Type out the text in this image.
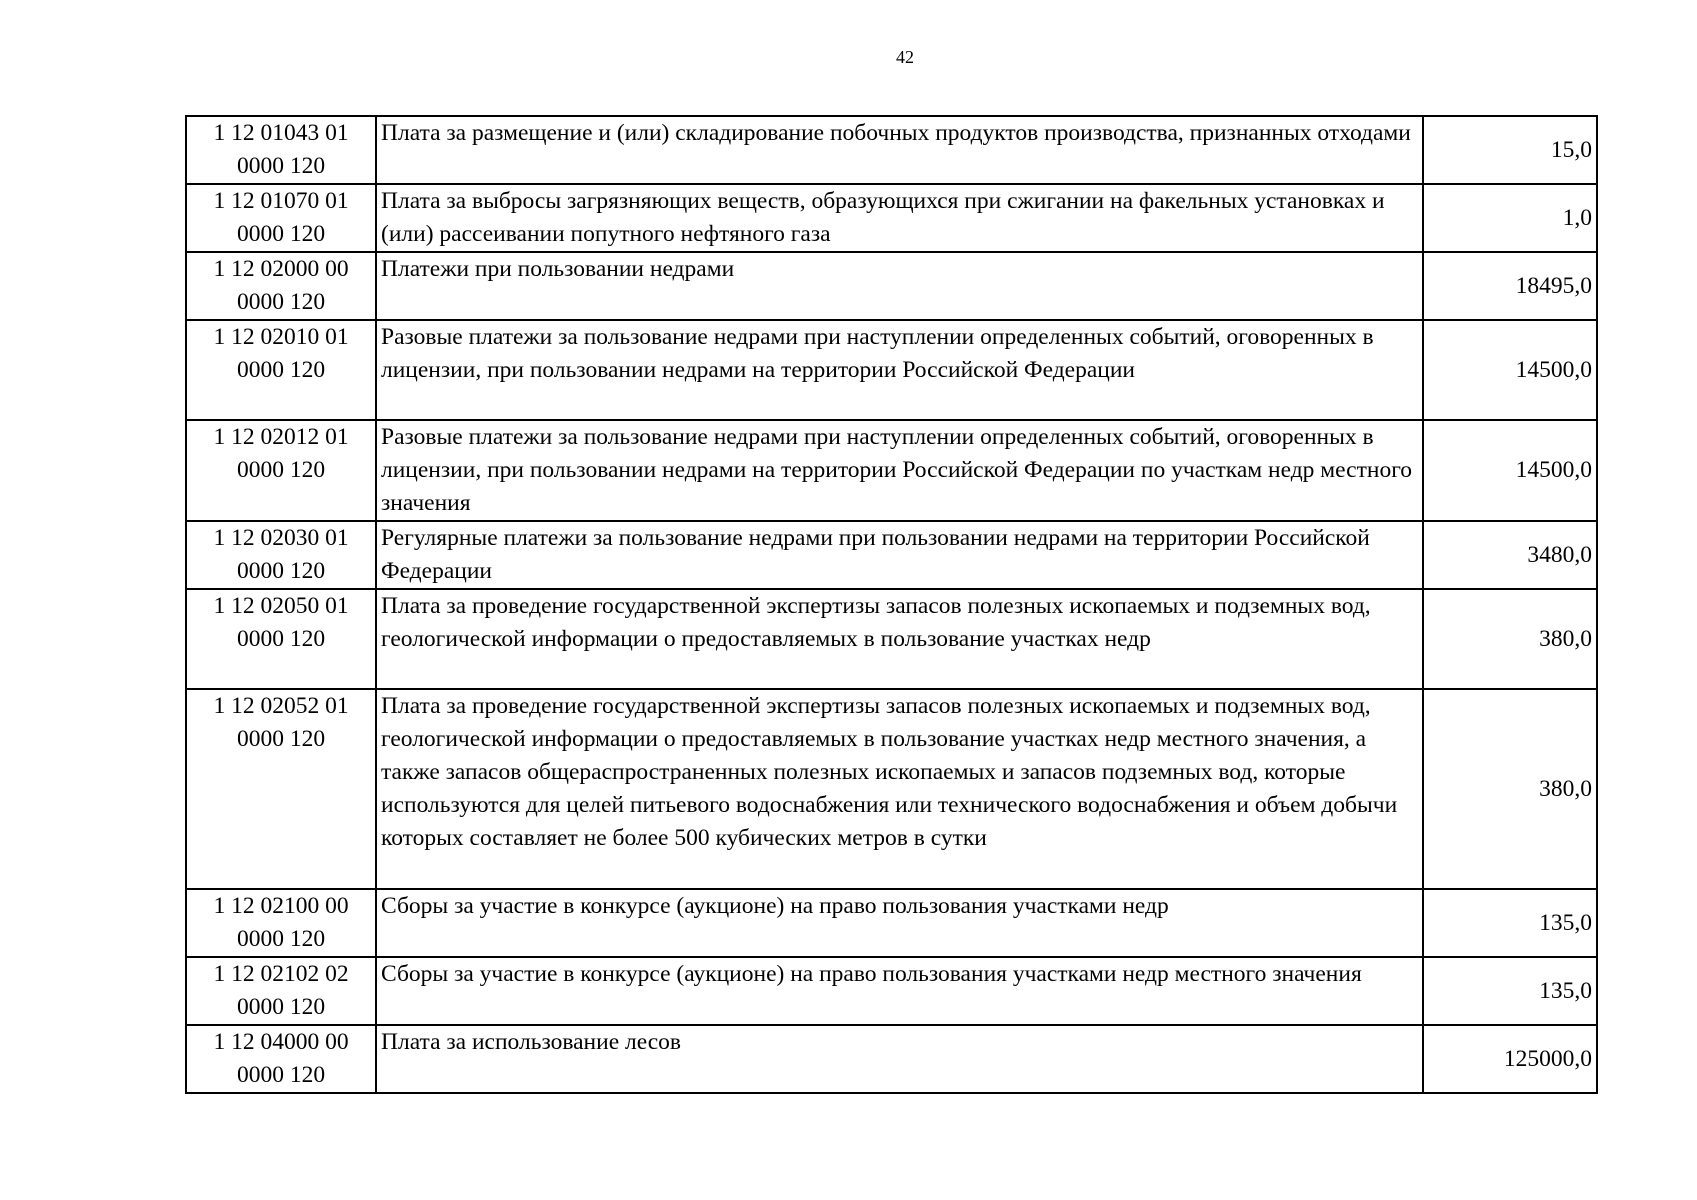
42
1 12 01043 01 0000 120	Плата за размещение и (или) складирование побочных продуктов производства, признанных отходами	15,0
1 12 01070 01 0000 120	Плата за выбросы загрязняющих веществ, образующихся при сжигании на факельных установках и (или) рассеивании попутного нефтяного газа	1,0
1 12 02000 00 0000 120	Платежи при пользовании недрами	18495,0
1 12 02010 01 0000 120	Разовые платежи за пользование недрами при наступлении определенных событий, оговоренных в лицензии, при пользовании недрами на территории Российской Федерации	14500,0
1 12 02012 01 0000 120	Разовые платежи за пользование недрами при наступлении определенных событий, оговоренных в лицензии, при пользовании недрами на территории Российской Федерации по участкам недр местного значения	14500,0
1 12 02030 01 0000 120	Регулярные платежи за пользование недрами при пользовании недрами на территории Российской Федерации	3480,0
1 12 02050 01 0000 120	Плата за проведение государственной экспертизы запасов полезных ископаемых и подземных вод, геологической информации о предоставляемых в пользование участках недр	380,0
1 12 02052 01 0000 120	Плата за проведение государственной экспертизы запасов полезных ископаемых и подземных вод, геологической информации о предоставляемых в пользование участках недр местного значения, а также запасов общераспространенных полезных ископаемых и запасов подземных вод, которые используются для целей питьевого водоснабжения или технического водоснабжения и объем добычи которых составляет не более 500 кубических метров в сутки	380,0
1 12 02100 00 0000 120	Сборы за участие в конкурсе (аукционе) на право пользования участками недр	135,0
1 12 02102 02 0000 120	Сборы за участие в конкурсе (аукционе) на право пользования участками недр местного значения	135,0
1 12 04000 00 0000 120	Плата за использование лесов	125000,0
